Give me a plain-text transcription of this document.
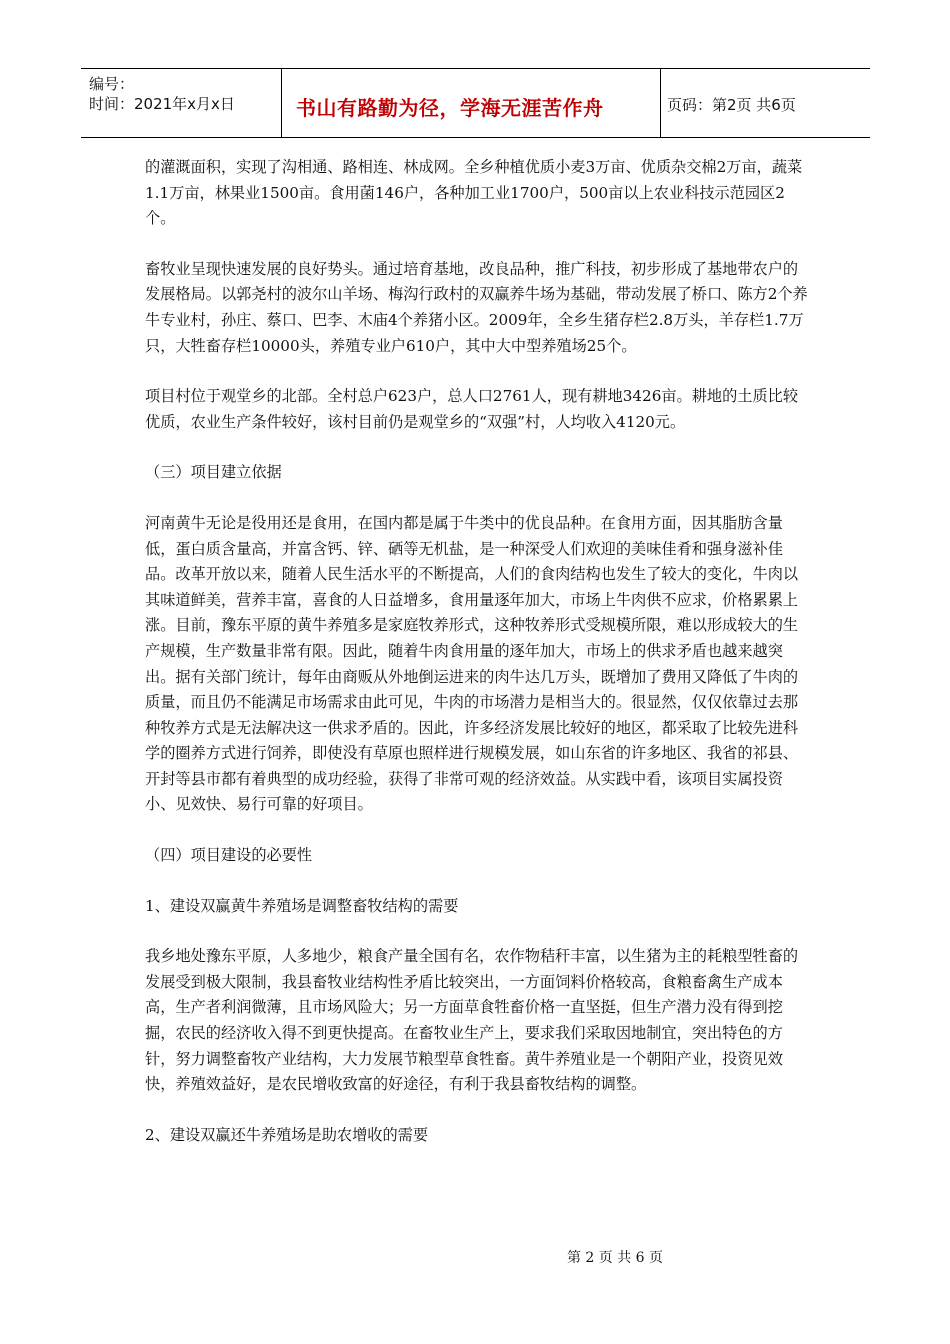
编号：
时间：2021年x月x日	书山有路勤为径，学海无涯苦作舟	页码：第2页 共6页

的灌溉面积，实现了沟相通、路相连、林成网。全乡种植优质小麦3万亩、优质杂交棉2万亩，蔬菜1.1万亩，林果业1500亩。食用菌146户，各种加工业1700户，500亩以上农业科技示范园区2个。

畜牧业呈现快速发展的良好势头。通过培育基地，改良品种，推广科技，初步形成了基地带农户的发展格局。以郭尧村的波尔山羊场、梅沟行政村的双赢养牛场为基础，带动发展了桥口、陈方2个养牛专业村，孙庄、蔡口、巴李、木庙4个养猪小区。2009年，全乡生猪存栏2.8万头，羊存栏1.7万只，大牲畜存栏10000头，养殖专业户610户，其中大中型养殖场25个。

项目村位于观堂乡的北部。全村总户623户，总人口2761人，现有耕地3426亩。耕地的土质比较优质，农业生产条件较好，该村目前仍是观堂乡的“双强”村，人均收入4120元。

（三）项目建立依据

河南黄牛无论是役用还是食用，在国内都是属于牛类中的优良品种。在食用方面，因其脂肪含量低，蛋白质含量高，并富含钙、锌、硒等无机盐，是一种深受人们欢迎的美味佳肴和强身滋补佳品。改革开放以来，随着人民生活水平的不断提高，人们的食肉结构也发生了较大的变化，牛肉以其味道鲜美，营养丰富，喜食的人日益增多，食用量逐年加大，市场上牛肉供不应求，价格累累上涨。目前，豫东平原的黄牛养殖多是家庭牧养形式，这种牧养形式受规模所限，难以形成较大的生产规模，生产数量非常有限。因此，随着牛肉食用量的逐年加大，市场上的供求矛盾也越来越突出。据有关部门统计，每年由商贩从外地倒运进来的肉牛达几万头，既增加了费用又降低了牛肉的质量，而且仍不能满足市场需求由此可见，牛肉的市场潜力是相当大的。很显然，仅仅依靠过去那种牧养方式是无法解决这一供求矛盾的。因此，许多经济发展比较好的地区，都采取了比较先进科学的圈养方式进行饲养，即使没有草原也照样进行规模发展，如山东省的许多地区、我省的祁县、开封等县市都有着典型的成功经验，获得了非常可观的经济效益。从实践中看，该项目实属投资小、见效快、易行可靠的好项目。

（四）项目建设的必要性

1、建设双赢黄牛养殖场是调整畜牧结构的需要

我乡地处豫东平原，人多地少，粮食产量全国有名，农作物秸秆丰富，以生猪为主的耗粮型牲畜的发展受到极大限制，我县畜牧业结构性矛盾比较突出，一方面饲料价格较高，食粮畜禽生产成本高，生产者利润微薄，且市场风险大；另一方面草食牲畜价格一直坚挺，但生产潜力没有得到挖掘，农民的经济收入得不到更快提高。在畜牧业生产上，要求我们采取因地制宜，突出特色的方针，努力调整畜牧产业结构，大力发展节粮型草食牲畜。黄牛养殖业是一个朝阳产业，投资见效快，养殖效益好，是农民增收致富的好途径，有利于我县畜牧结构的调整。

2、建设双赢还牛养殖场是助农增收的需要

第 2 页 共 6 页
